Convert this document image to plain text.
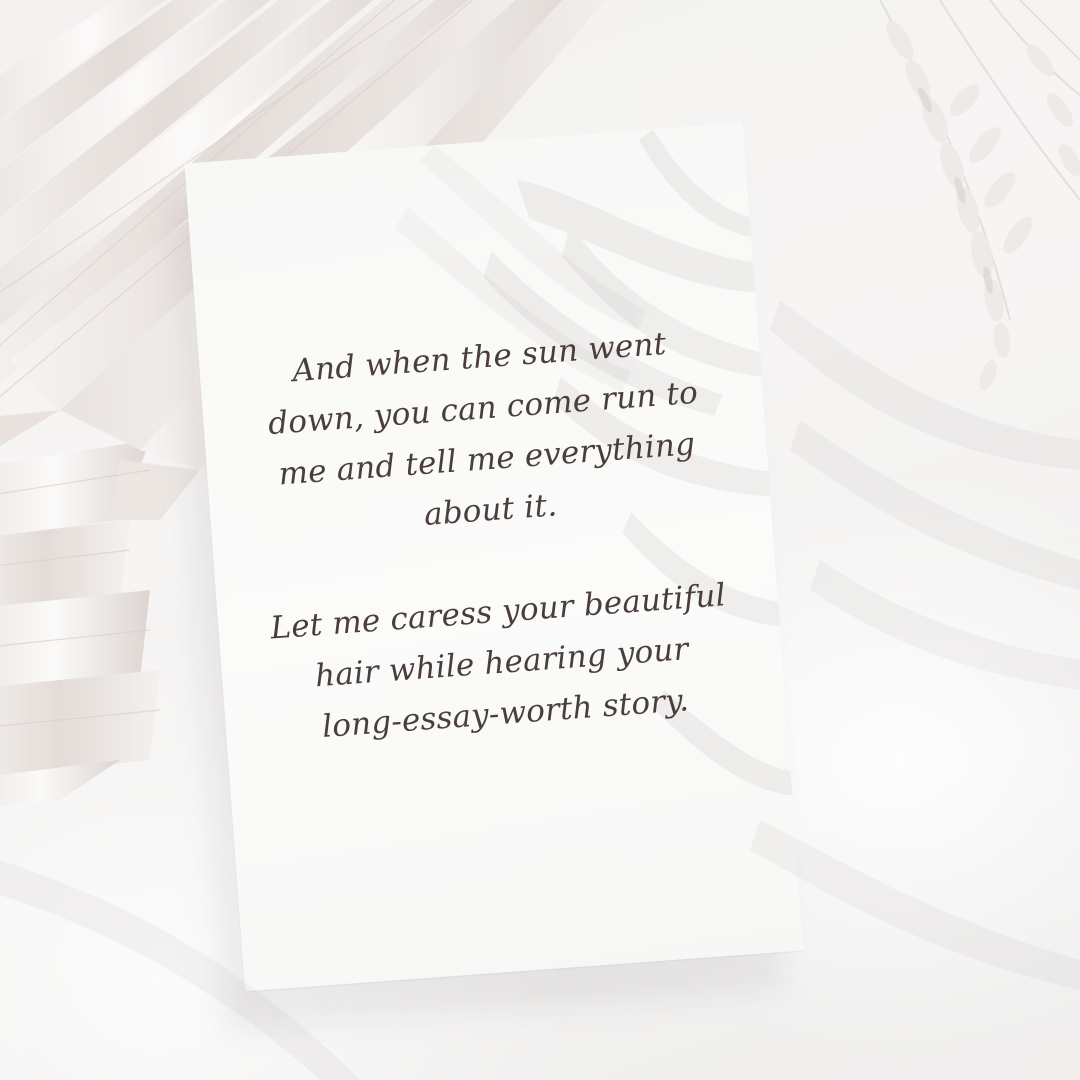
And when the sun went
down, you can come run to
me and tell me everything
about it.

Let me caress your beautiful
hair while hearing your
long-essay-worth story.
